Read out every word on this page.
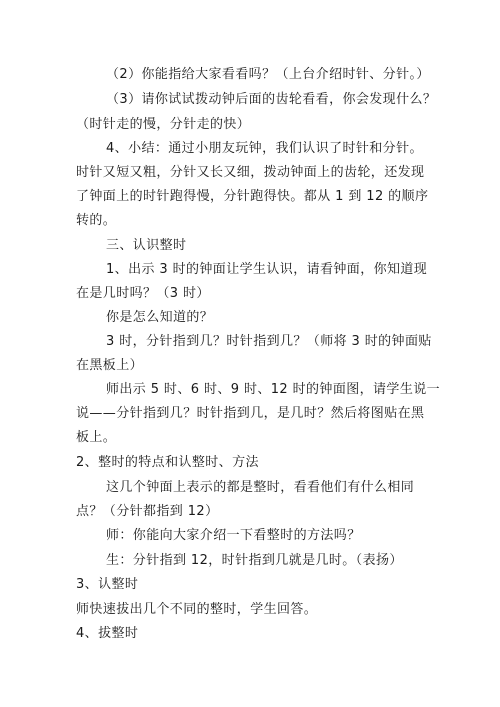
（2）你能指给大家看看吗？（上台介绍时针、分针。）
（3）请你试试拨动钟后面的齿轮看看，你会发现什么？
（时针走的慢，分针走的快）
4、小结：通过小朋友玩钟，我们认识了时针和分针。
时针又短又粗，分针又长又细，拨动钟面上的齿轮，还发现
了钟面上的时针跑得慢，分针跑得快。都从 1 到 12 的顺序
转的。
三、认识整时
1、出示 3 时的钟面让学生认识，请看钟面，你知道现
在是几时吗？（3 时）
你是怎么知道的？
3 时，分针指到几？时针指到几？（师将 3 时的钟面贴
在黑板上）
师出示 5 时、6 时、9 时、12 时的钟面图，请学生说一
说——分针指到几？时针指到几，是几时？然后将图贴在黑
板上。
2、整时的特点和认整时、方法
这几个钟面上表示的都是整时，看看他们有什么相同
点？（分针都指到 12）
师：你能向大家介绍一下看整时的方法吗？
生：分针指到 12，时针指到几就是几时。（表扬）
3、认整时
师快速拔出几个不同的整时，学生回答。
4、拔整时
